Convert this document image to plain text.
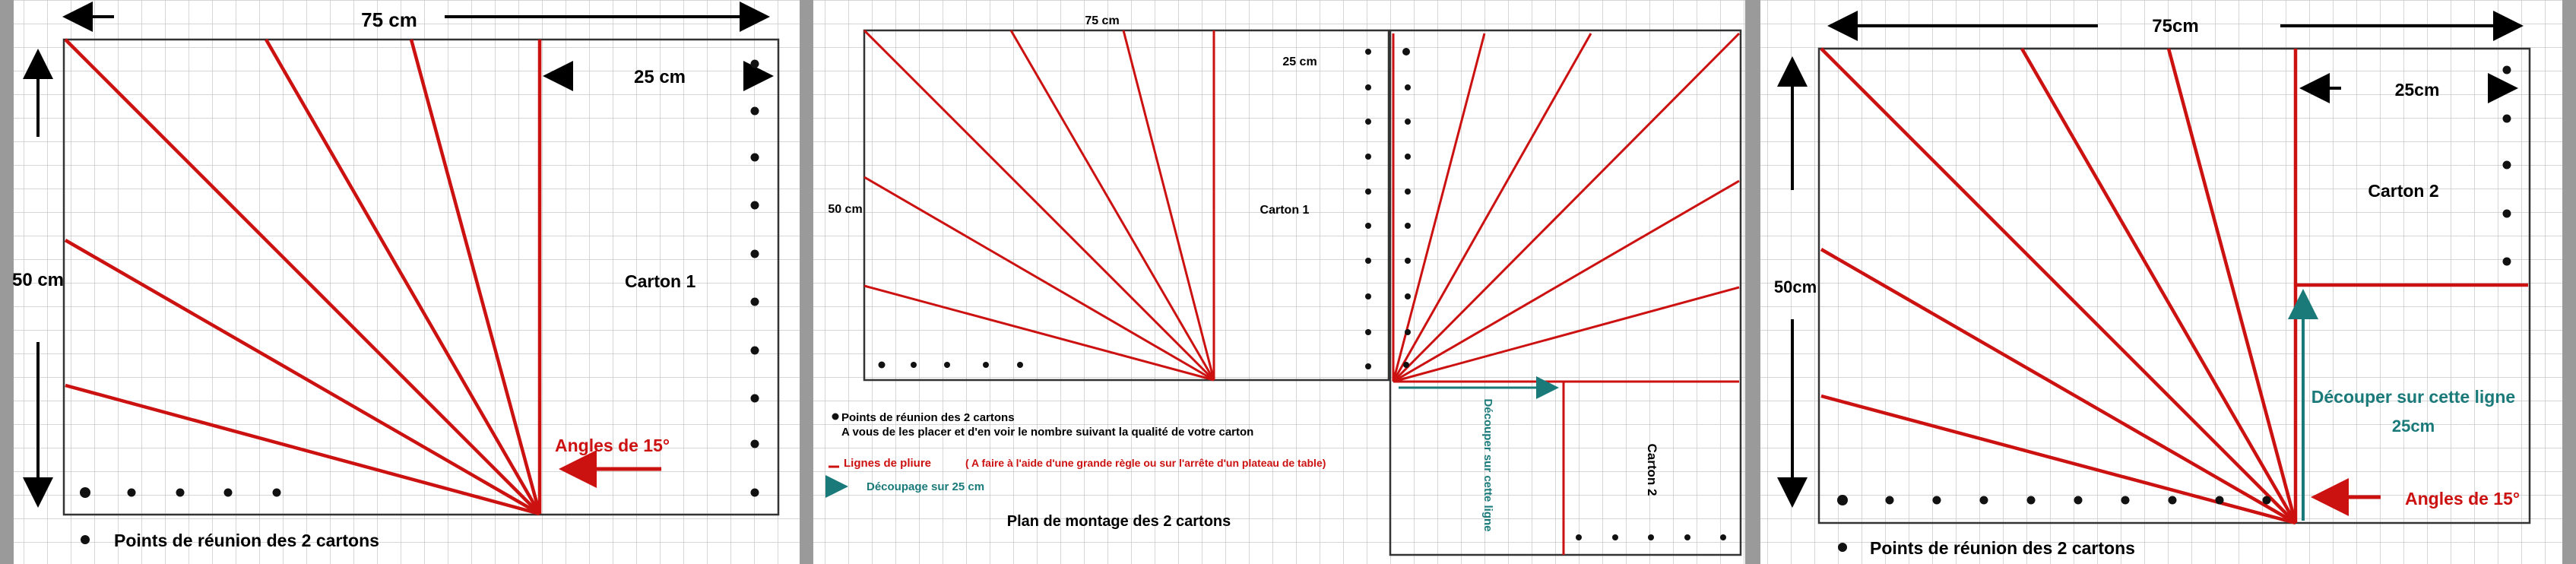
75 cm
50 cm
25 cm
Carton 1
Angles de 15°
Points de réunion des 2 cartons
75 cm
25 cm
50 cm	Carton 1
Découper sur cette ligne	Carton 2
Points de réunion des 2 cartons
A vous de les placer et d'en voir le nombre suivant la qualité de votre carton
Lignes de pliure	( A faire à l'aide d'une grande règle ou sur l'arrête d'un plateau de table)
Découpage sur 25 cm
Plan de montage des 2 cartons
75cm
50cm
25cm
Carton 2
Découper sur cette ligne
25cm
Angles de 15°
Points de réunion des 2 cartons
